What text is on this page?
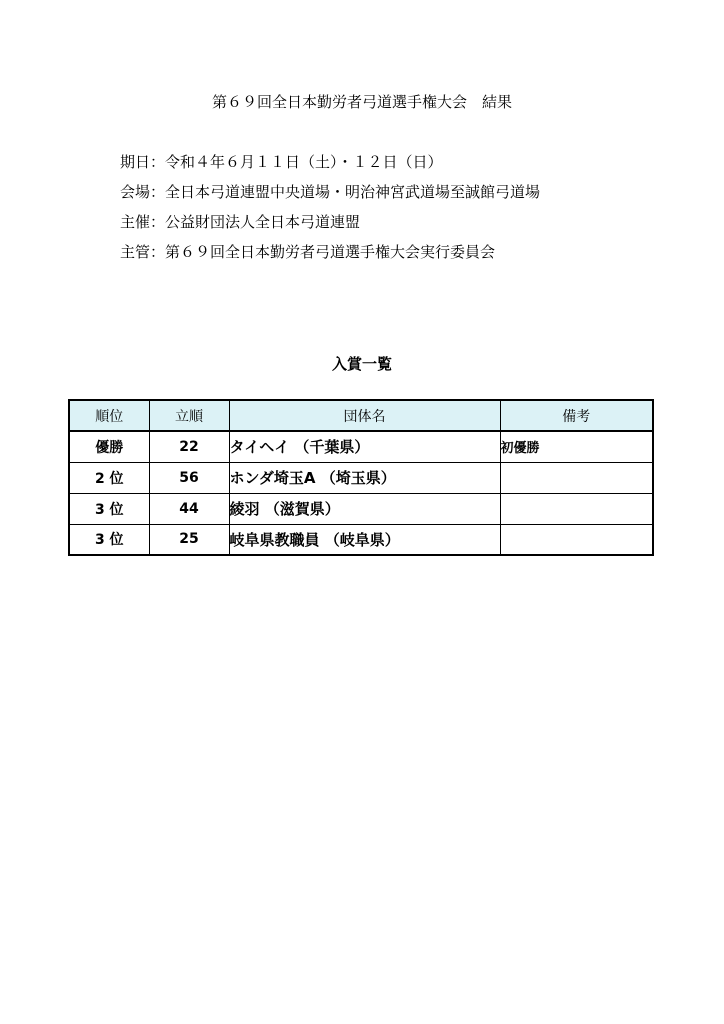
第６９回全日本勤労者弓道選手権大会　結果
期日：令和４年６月１１日（土）・１２日（日）
会場：全日本弓道連盟中央道場・明治神宮武道場至誠館弓道場
主催：公益財団法人全日本弓道連盟
主管：第６９回全日本勤労者弓道選手権大会実行委員会
入賞一覧
順位	立順	団体名	備考
優勝	22	タイヘイ （千葉県）	初優勝
2 位	56	ホンダ埼玉A （埼玉県）	
3 位	44	綾羽 （滋賀県）	
3 位	25	岐阜県教職員 （岐阜県）	
